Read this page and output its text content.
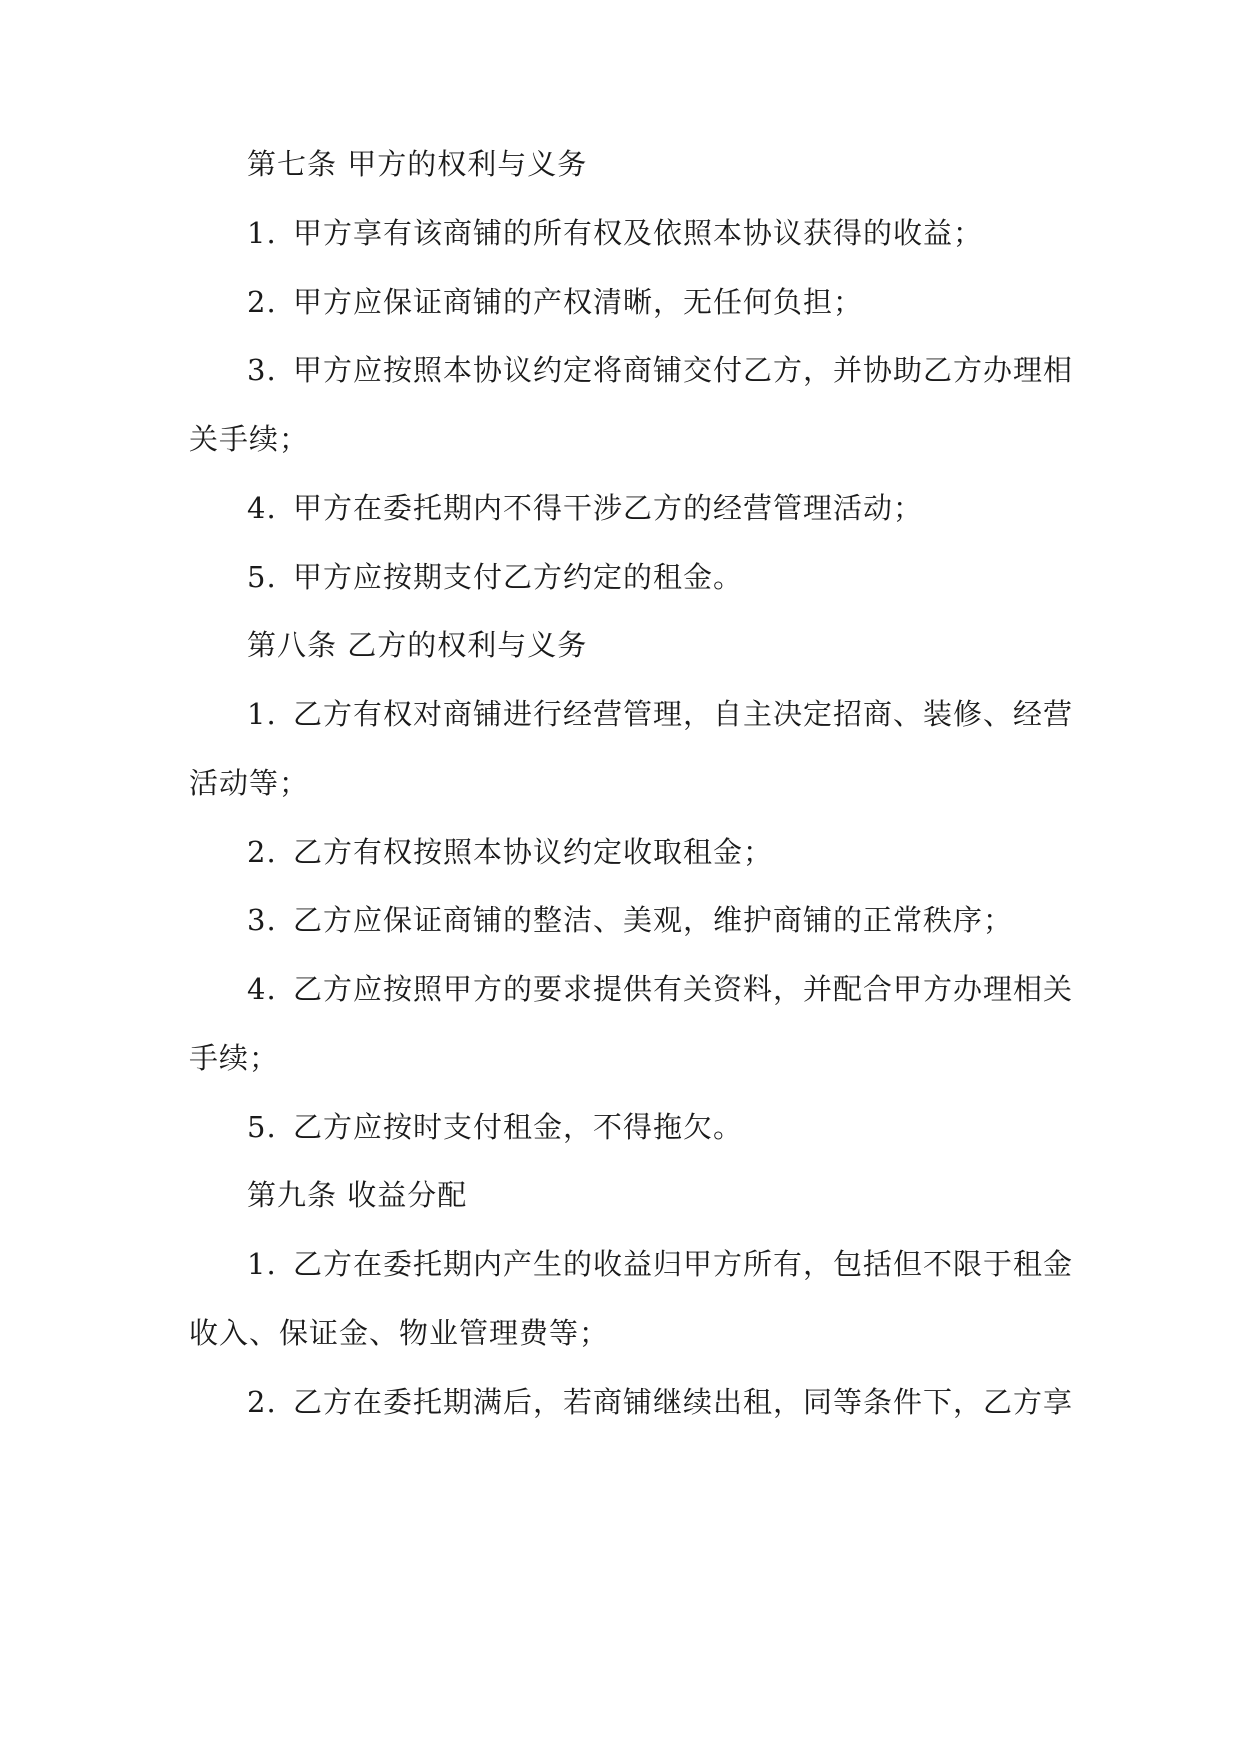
第七条 甲方的权利与义务
1. 甲方享有该商铺的所有权及依照本协议获得的收益；
2. 甲方应保证商铺的产权清晰，无任何负担；
3. 甲方应按照本协议约定将商铺交付乙方，并协助乙方办理相
关手续；
4. 甲方在委托期内不得干涉乙方的经营管理活动；
5. 甲方应按期支付乙方约定的租金。
第八条 乙方的权利与义务
1. 乙方有权对商铺进行经营管理，自主决定招商、装修、经营
活动等；
2. 乙方有权按照本协议约定收取租金；
3. 乙方应保证商铺的整洁、美观，维护商铺的正常秩序；
4. 乙方应按照甲方的要求提供有关资料，并配合甲方办理相关
手续；
5. 乙方应按时支付租金，不得拖欠。
第九条 收益分配
1. 乙方在委托期内产生的收益归甲方所有，包括但不限于租金
收入、保证金、物业管理费等；
2. 乙方在委托期满后，若商铺继续出租，同等条件下，乙方享
